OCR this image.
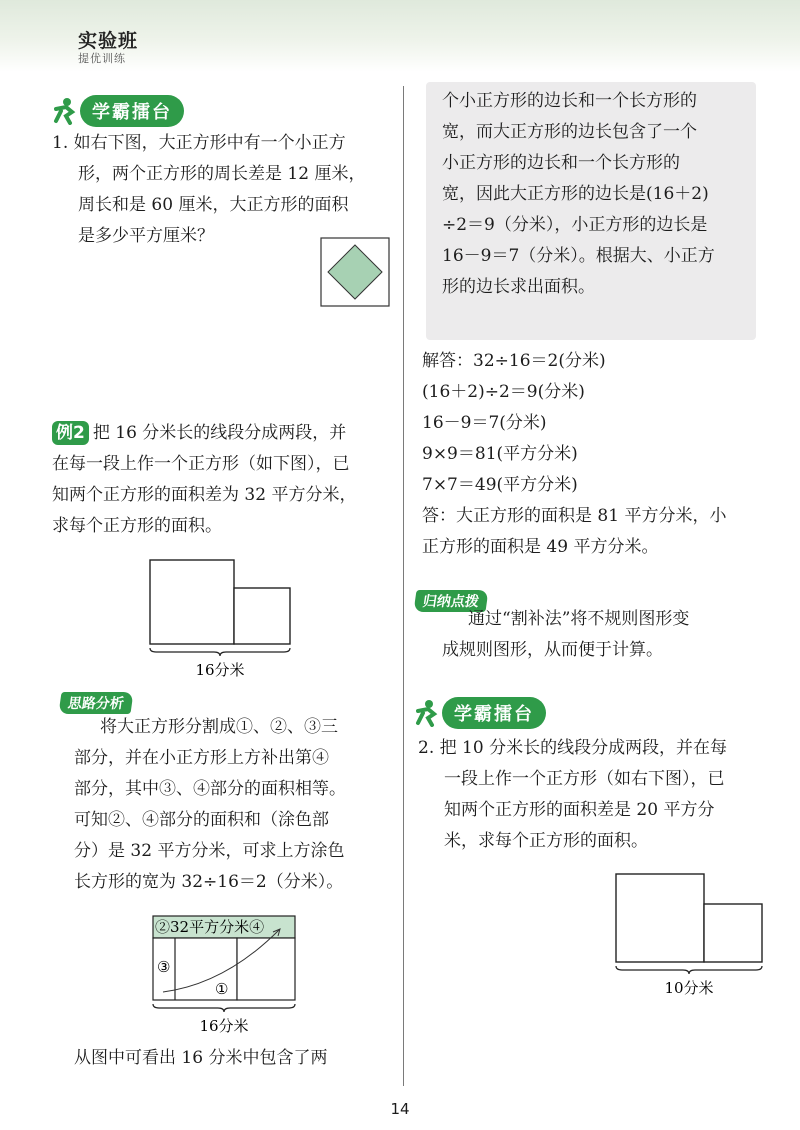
实验班
提优训练
学霸擂台
1. 如右下图，大正方形中有一个小正方
形，两个正方形的周长差是 12 厘米，
周长和是 60 厘米，大正方形的面积
是多少平方厘米？
例2 把 16 分米长的线段分成两段，并
在每一段上作一个正方形（如下图），已
知两个正方形的面积差为 32 平方分米，
求每个正方形的面积。
16分米
思路分析
将大正方形分割成①、②、③三
部分，并在小正方形上方补出第④
部分，其中③、④部分的面积相等。
可知②、④部分的面积和（涂色部
分）是 32 平方分米，可求上方涂色
长方形的宽为 32÷16＝2（分米）。
②32平方分米④
③
①
16分米
从图中可看出 16 分米中包含了两
个小正方形的边长和一个长方形的
宽，而大正方形的边长包含了一个
小正方形的边长和一个长方形的
宽，因此大正方形的边长是(16＋2)
÷2＝9（分米），小正方形的边长是
16－9＝7（分米）。根据大、小正方
形的边长求出面积。
解答：32÷16＝2(分米)
(16＋2)÷2＝9(分米)
16－9＝7(分米)
9×9＝81(平方分米)
7×7＝49(平方分米)
答：大正方形的面积是 81 平方分米，小
正方形的面积是 49 平方分米。
归纳点拨
通过“割补法”将不规则图形变
成规则图形，从而便于计算。
学霸擂台
2. 把 10 分米长的线段分成两段，并在每
一段上作一个正方形（如右下图），已
知两个正方形的面积差是 20 平方分
米，求每个正方形的面积。
10分米
14
